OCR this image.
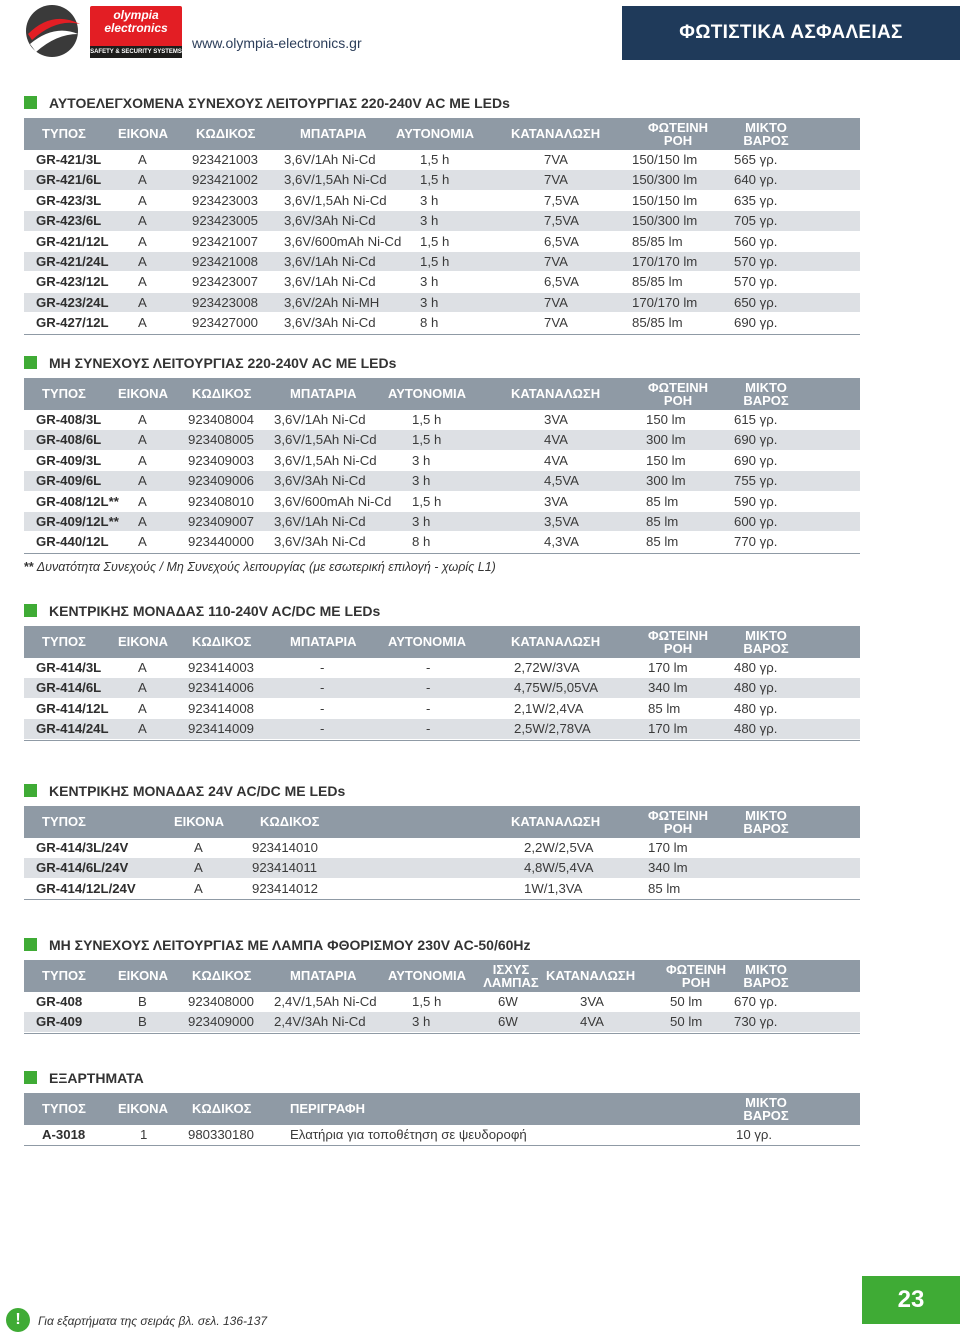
olympia
electronics
SAFETY & SECURITY SYSTEMS
www.olympia-electronics.gr	ΦΩΤΙΣΤΙΚΑ ΑΣΦΑΛΕΙΑΣ
ΑΥΤΟΕΛΕΓΧΟΜΕΝΑ ΣΥΝΕΧΟΥΣ ΛΕΙΤΟΥΡΓΙΑΣ 220-240V AC ME LEDs
ΜΗ ΣΥΝΕΧΟΥΣ ΛΕΙΤΟΥΡΓΙΑΣ 220-240V AC ME LEDs
ΚΕΝΤΡΙΚΗΣ ΜΟΝΑΔΑΣ 110-240V AC/DC ME LEDs
ΚΕΝΤΡΙΚΗΣ ΜΟΝΑΔΑΣ 24V AC/DC ME LEDs
ΜΗ ΣΥΝΕΧΟΥΣ ΛΕΙΤΟΥΡΓΙΑΣ ΜΕ ΛΑΜΠΑ ΦΘΟΡΙΣΜΟΥ 230V AC-50/60Hz
ΕΞΑΡΤΗΜΑΤΑ
ΤΥΠΟΣ ΕΙΚΟΝΑ ΚΩΔΙΚΟΣ	ΜΠΑΤΑΡΙΑ ΑΥΤΟΝΟΜΙΑ	ΚΑΤΑΝΑΛΩΣΗ	ΦΩΤΕΙΝΗ ΡΟΗ
ΜΙΚΤΟ ΒΑΡΟΣ
GR-421/3L	A	923421003 3,6V/1Ah Ni-Cd	1,5 h	7VA	150/150 lm	565 γρ.
GR-421/6L	A	923421002 3,6V/1,5Ah Ni-Cd	1,5 h	7VA	150/300 lm	640 γρ.
GR-423/3L	A	923423003 3,6V/1,5Ah Ni-Cd	3 h	7,5VA	150/150 lm	635 γρ.
GR-423/6L	A	923423005 3,6V/3Ah Ni-Cd	3 h	7,5VA	150/300 lm	705 γρ.
GR-421/12L A	923421007 3,6V/600mAh Ni-Cd 1,5 h	6,5VA	85/85 lm	560 γρ.
GR-421/24L A	923421008 3,6V/1Ah Ni-Cd	1,5 h	7VA	170/170 lm	570 γρ.
GR-423/12L A	923423007 3,6V/1Ah Ni-Cd	3 h	6,5VA	85/85 lm	570 γρ.
GR-423/24L A	923423008 3,6V/2Ah Ni-MH	3 h	7VA	170/170 lm	650 γρ.
GR-427/12L A	923427000 3,6V/3Ah Ni-Cd	8 h	7VA	85/85 lm	690 γρ.
ΤΥΠΟΣ ΕΙΚΟΝΑ ΚΩΔΙΚΟΣ	ΜΠΑΤΑΡΙΑ ΑΥΤΟΝΟΜΙΑ	ΚΑΤΑΝΑΛΩΣΗ	ΦΩΤΕΙΝΗ ΡΟΗ
ΜΙΚΤΟ ΒΑΡΟΣ
GR-408/3L	A	923408004 3,6V/1Ah Ni-Cd	1,5 h	3VA	150 lm	615 γρ.
GR-408/6L	A	923408005 3,6V/1,5Ah Ni-Cd	1,5 h	4VA	300 lm	690 γρ.
GR-409/3L	A	923409003 3,6V/1,5Ah Ni-Cd	3 h	4VA	150 lm	690 γρ.
GR-409/6L	A	923409006 3,6V/3Ah Ni-Cd	3 h	4,5VA	300 lm	755 γρ.
GR-408/12L** A	923408010 3,6V/600mAh Ni-Cd 1,5 h	3VA	85 lm	590 γρ.
GR-409/12L** A	923409007 3,6V/1Ah Ni-Cd	3 h	3,5VA	85 lm	600 γρ.
GR-440/12L A	923440000 3,6V/3Ah Ni-Cd	8 h	4,3VA	85 lm	770 γρ.
ΤΥΠΟΣ ΕΙΚΟΝΑ ΚΩΔΙΚΟΣ	ΜΠΑΤΑΡΙΑ ΑΥΤΟΝΟΜΙΑ	ΚΑΤΑΝΑΛΩΣΗ	ΦΩΤΕΙΝΗ ΡΟΗ
ΜΙΚΤΟ ΒΑΡΟΣ
GR-414/3L	A	923414003	-	-	2,72W/3VA	170 lm	480 γρ.
GR-414/6L	A	923414006	-	-	4,75W/5,05VA	340 lm	480 γρ.
GR-414/12L A	923414008	-	-	2,1W/2,4VA	85 lm	480 γρ.
GR-414/24L A	923414009	-	-	2,5W/2,78VA	170 lm	480 γρ.
ΤΥΠΟΣ	ΕΙΚΟΝΑ	ΚΩΔΙΚΟΣ	ΚΑΤΑΝΑΛΩΣΗ	ΦΩΤΕΙΝΗ ΡΟΗ
ΜΙΚΤΟ ΒΑΡΟΣ
GR-414/3L/24V	A	923414010	2,2W/2,5VA	170 lm
GR-414/6L/24V	A	923414011	4,8W/5,4VA	340 lm
GR-414/12L/24V	A	923414012	1W/1,3VA	85 lm
ΤΥΠΟΣ ΕΙΚΟΝΑ ΚΩΔΙΚΟΣ	ΜΠΑΤΑΡΙΑ ΑΥΤΟΝΟΜΙΑ	ΙΣΧΥΣ ΛΑΜΠΑΣ ΚΑΤΑΝΑΛΩΣΗ	ΦΩΤΕΙΝΗ ΡΟΗ
ΜΙΚΤΟ ΒΑΡΟΣ
GR-408	B	923408000 2,4V/1,5Ah Ni-Cd	1,5 h	6W	3VA	50 lm 670 γρ.
GR-409	B	923409000 2,4V/3Ah Ni-Cd	3 h	6W	4VA	50 lm 730 γρ.
ΤΥΠΟΣ ΕΙΚΟΝΑ ΚΩΔΙΚΟΣ	ΠΕΡΙΓΡΑΦΗ	ΜΙΚΤΟ ΒΑΡΟΣ
A-3018	1	980330180	Ελατήρια για τοποθέτηση σε ψευδοροφή	10 γρ.
** Δυνατότητα Συνεχούς / Μη Συνεχούς λειτουργίας (με εσωτερική επιλογή - χωρίς L1)
!	Για εξαρτήματα της σειράς βλ. σελ. 136-137
23
